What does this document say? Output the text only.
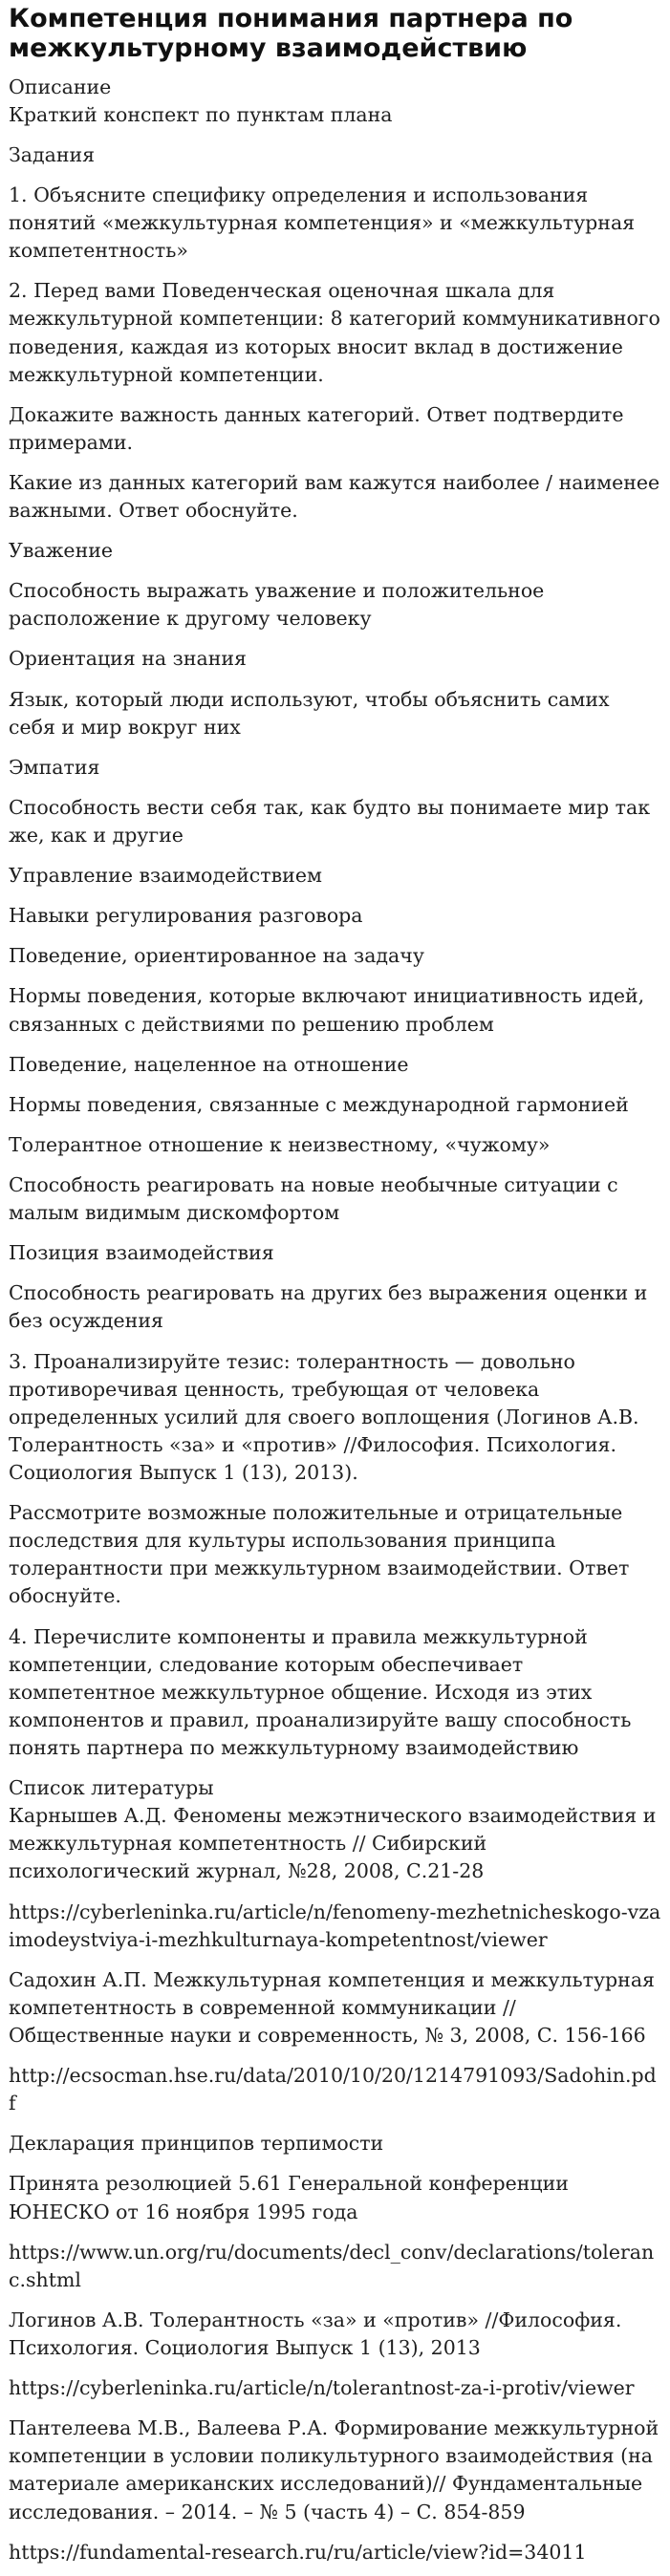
Компетенция понимания партнера по межкультурному взаимодействию
Описание
Краткий конспект по пунктам плана
Задания
1. Объясните специфику определения и использования понятий «межкультурная компетенция» и «межкультурная компетентность»
2. Перед вами Поведенческая оценочная шкала для межкультурной компетенции: 8 категорий коммуникативного поведения, каждая из которых вносит вклад в достижение межкультурной компетенции.
Докажите важность данных категорий. Ответ подтвердите примерами.
Какие из данных категорий вам кажутся наиболее / наименее важными. Ответ обоснуйте.
Уважение
Способность выражать уважение и положительное расположение к другому человеку
Ориентация на знания
Язык, который люди используют, чтобы объяснить самих себя и мир вокруг них
Эмпатия
Способность вести себя так, как будто вы понимаете мир так же, как и другие
Управление взаимодействием
Навыки регулирования разговора
Поведение, ориентированное на задачу
Нормы поведения, которые включают инициативность идей, связанных с действиями по решению проблем
Поведение, нацеленное на отношение
Нормы поведения, связанные с международной гармонией
Толерантное отношение к неизвестному, «чужому»
Способность реагировать на новые необычные ситуации с малым видимым дискомфортом
Позиция взаимодействия
Способность реагировать на других без выражения оценки и без осуждения
3. Проанализируйте тезис: толерантность — довольно противоречивая ценность, требующая от человека определенных усилий для своего воплощения (Логинов А.В. Толерантность «за» и «против» //Философия. Психология. Социология Выпуск 1 (13), 2013).
Рассмотрите возможные положительные и отрицательные последствия для культуры использования принципа толерантности при межкультурном взаимодействии. Ответ обоснуйте.
4. Перечислите компоненты и правила межкультурной компетенции, следование которым обеспечивает компетентное межкультурное общение. Исходя из этих компонентов и правил, проанализируйте вашу способность понять партнера по межкультурному взаимодействию
Список литературы
Карнышев А.Д. Феномены межэтнического взаимодействия и межкультурная компетентность // Сибирский психологический журнал, №28, 2008, С.21-28
https://cyberleninka.ru/article/n/fenomeny-mezhetnicheskogo-vzaimodeystviya-i-mezhkulturnaya-kompetentnost/viewer
Садохин А.П. Межкультурная компетенция и межкультурная компетентность в современной коммуникации // Общественные науки и современность, № 3, 2008, С. 156-166
http://ecsocman.hse.ru/data/2010/10/20/1214791093/Sadohin.pdf
Декларация принципов терпимости
Принята резолюцией 5.61 Генеральной конференции ЮНЕСКО от 16 ноября 1995 года
https://www.un.org/ru/documents/decl_conv/declarations/toleranc.shtml
Логинов А.В. Толерантность «за» и «против» //Философия. Психология. Социология Выпуск 1 (13), 2013
https://cyberleninka.ru/article/n/tolerantnost-za-i-protiv/viewer
Пантелеева М.В., Валеева Р.А. Формирование межкультурной компетенции в условии поликультурного взаимодействия (на материале американских исследований)// Фундаментальные исследования. – 2014. – № 5 (часть 4) – С. 854-859
https://fundamental-research.ru/ru/article/view?id=34011
